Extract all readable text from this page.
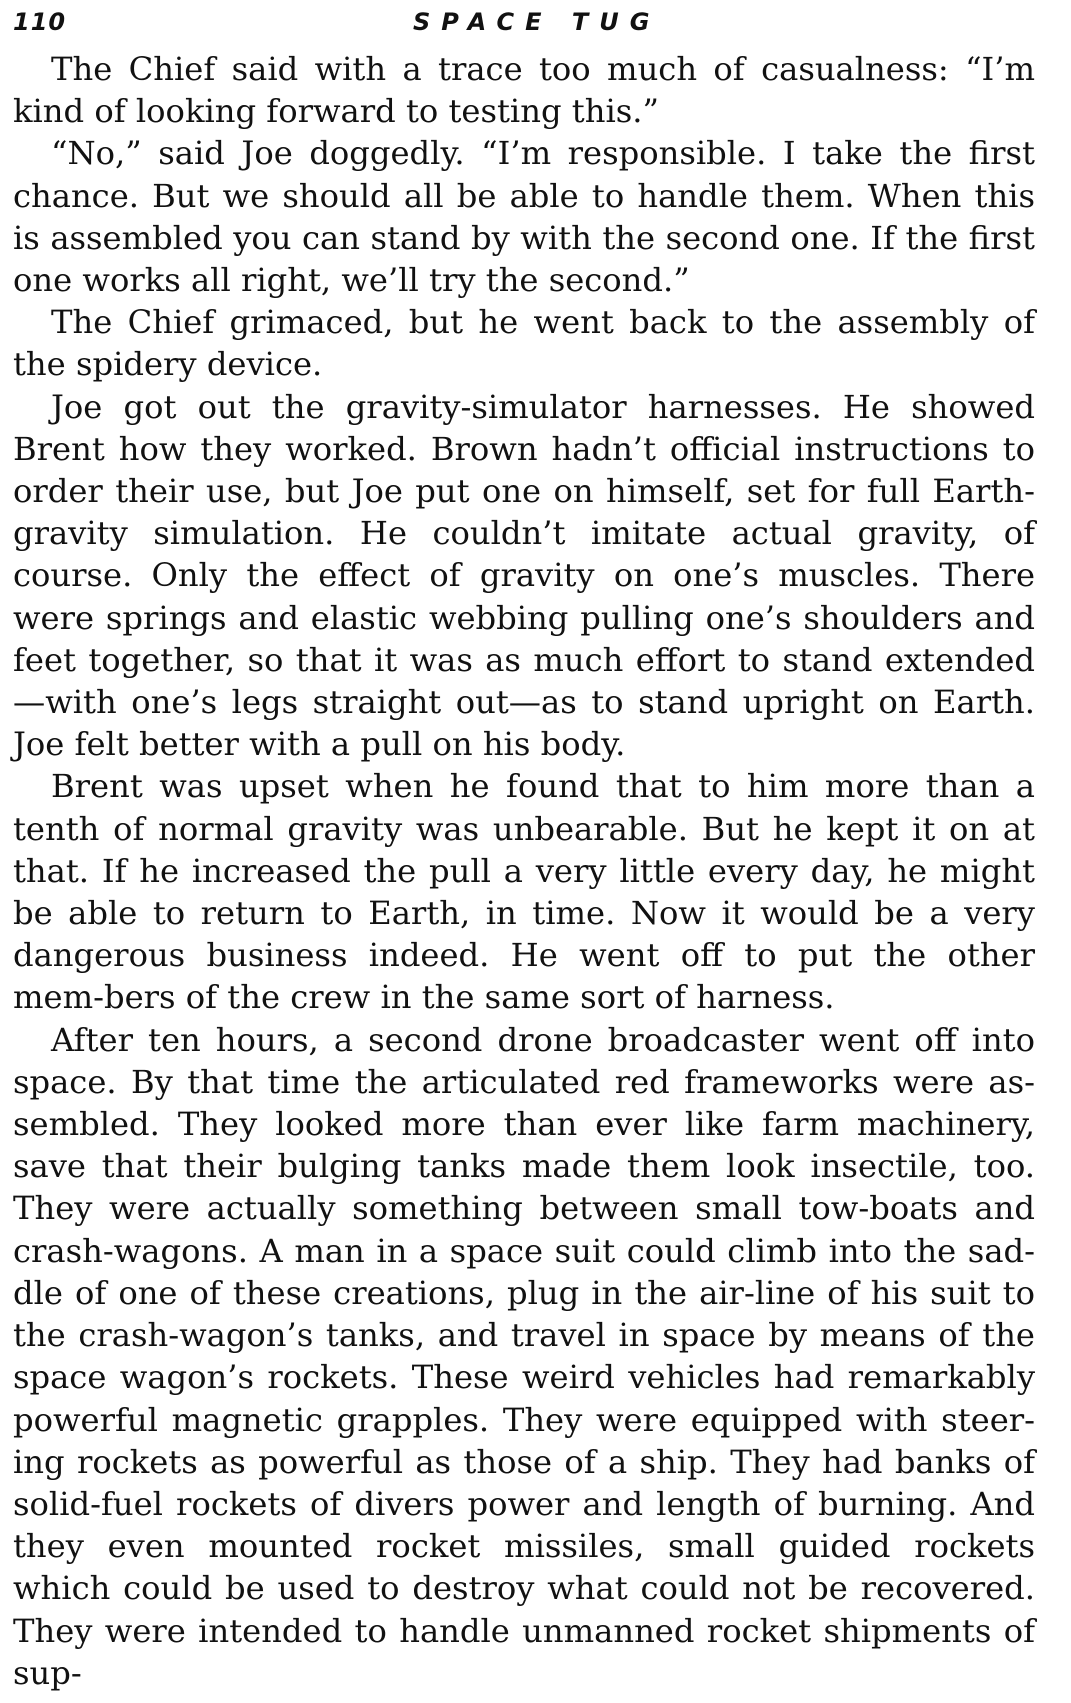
110	SPACE TUG

The Chief said with a trace too much of casualness: “I’m kind of looking forward to testing this.”

“No,” said Joe doggedly. “I’m responsible. I take the first chance. But we should all be able to handle them. When this is assembled you can stand by with the second one. If the first one works all right, we’ll try the second.”

The Chief grimaced, but he went back to the assembly of the spidery device.

Joe got out the gravity-simulator harnesses. He showed Brent how they worked. Brown hadn’t official instructions to order their use, but Joe put one on himself, set for full Earth-gravity simulation. He couldn’t imitate actual gravity, of course. Only the effect of gravity on one’s muscles. There were springs and elastic webbing pulling one’s shoulders and feet together, so that it was as much effort to stand extended—with one’s legs straight out—as to stand upright on Earth. Joe felt better with a pull on his body.

Brent was upset when he found that to him more than a tenth of normal gravity was unbearable. But he kept it on at that. If he increased the pull a very little every day, he might be able to return to Earth, in time. Now it would be a very dangerous business indeed. He went off to put the other mem-bers of the crew in the same sort of harness.

After ten hours, a second drone broadcaster went off into space. By that time the articulated red frameworks were as-sembled. They looked more than ever like farm machinery, save that their bulging tanks made them look insectile, too. They were actually something between small tow-boats and crash-wagons. A man in a space suit could climb into the sad-dle of one of these creations, plug in the air-line of his suit to the crash-wagon’s tanks, and travel in space by means of the space wagon’s rockets. These weird vehicles had remarkably powerful magnetic grapples. They were equipped with steer-ing rockets as powerful as those of a ship. They had banks of solid-fuel rockets of divers power and length of burning. And they even mounted rocket missiles, small guided rockets which could be used to destroy what could not be recovered. They were intended to handle unmanned rocket shipments of sup-
